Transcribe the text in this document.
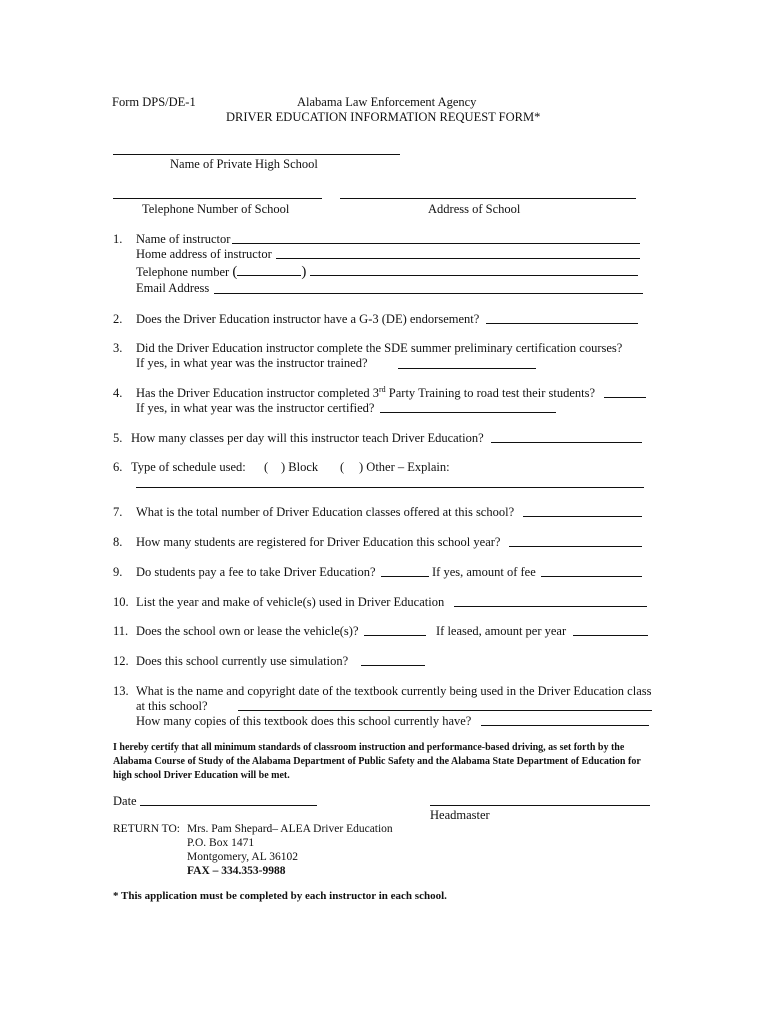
Form DPS/DE-1	Alabama Law Enforcement Agency
DRIVER EDUCATION INFORMATION REQUEST FORM*
Name of Private High School
Telephone Number of School	Address of School
1. Name of instructor
Home address of instructor
Telephone number (	)
Email Address
2. Does the Driver Education instructor have a G-3 (DE) endorsement?
3. Did the Driver Education instructor complete the SDE summer preliminary certification courses?
If yes, in what year was the instructor trained?
4. Has the Driver Education instructor completed 3rd Party Training to road test their students?
If yes, in what year was the instructor certified?
5. How many classes per day will this instructor teach Driver Education?
6. Type of schedule used: ( ) Block ( ) Other – Explain:
7. What is the total number of Driver Education classes offered at this school?
8. How many students are registered for Driver Education this school year?
9. Do students pay a fee to take Driver Education?	If yes, amount of fee
10. List the year and make of vehicle(s) used in Driver Education
11. Does the school own or lease the vehicle(s)?	If leased, amount per year
12. Does this school currently use simulation?
13. What is the name and copyright date of the textbook currently being used in the Driver Education class
at this school?
How many copies of this textbook does this school currently have?
I hereby certify that all minimum standards of classroom instruction and performance-based driving, as set forth by the Alabama Course of Study of the Alabama Department of Public Safety and the Alabama State Department of Education for high school Driver Education will be met.
Date
Headmaster
RETURN TO: Mrs. Pam Shepard– ALEA Driver Education
P.O. Box 1471
Montgomery, AL 36102
FAX – 334.353-9988
* This application must be completed by each instructor in each school.
